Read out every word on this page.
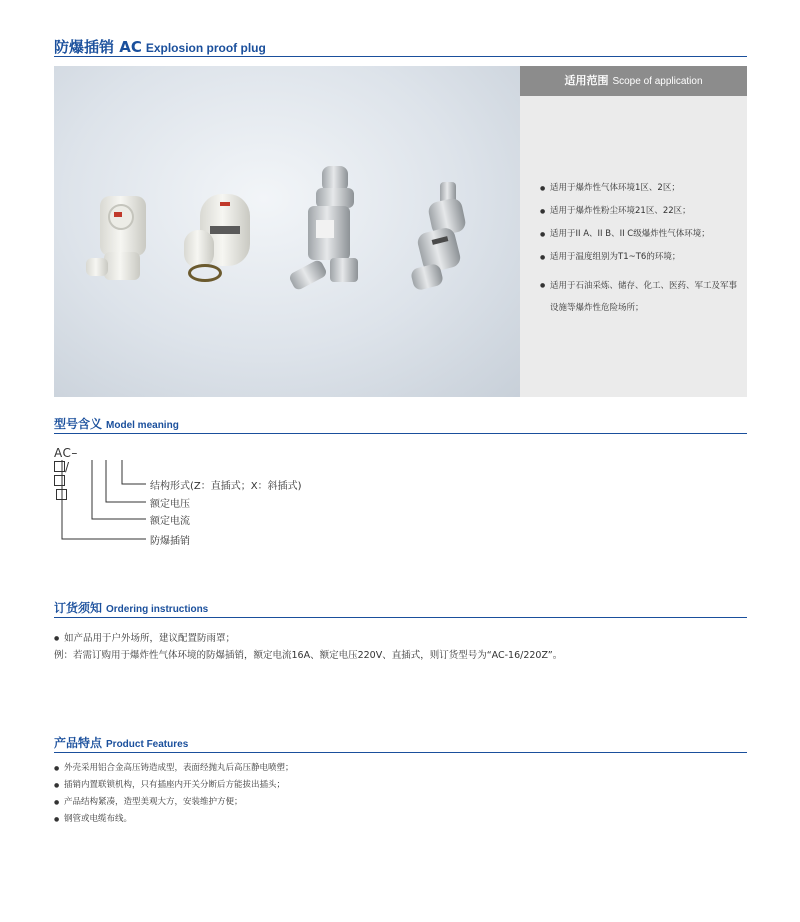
防爆插销 AC Explosion proof plug
适用范围 Scope of application
● 适用于爆炸性气体环境1区、2区；
● 适用于爆炸性粉尘环境21区、22区；
● 适用于II A、II B、II C级爆炸性气体环境；
● 适用于温度组别为T1~T6的环境；
● 适用于石油采炼、储存、化工、医药、军工及军事设施等爆炸性危险场所；
型号含义 Model meaning
AC–/
结构形式(Z：直插式；X：斜插式)
额定电压
额定电流
防爆插销
订货须知 Ordering instructions
● 如产品用于户外场所，建议配置防雨罩；
例：若需订购用于爆炸性气体环境的防爆插销，额定电流16A、额定电压220V、直插式，则订货型号为“AC-16/220Z”。
产品特点 Product Features
● 外壳采用铝合金高压铸造成型，表面经抛丸后高压静电喷塑；
● 插销内置联锁机构，只有插座内开关分断后方能拔出插头；
● 产品结构紧凑，造型美观大方，安装维护方便；
● 钢管或电缆布线。
